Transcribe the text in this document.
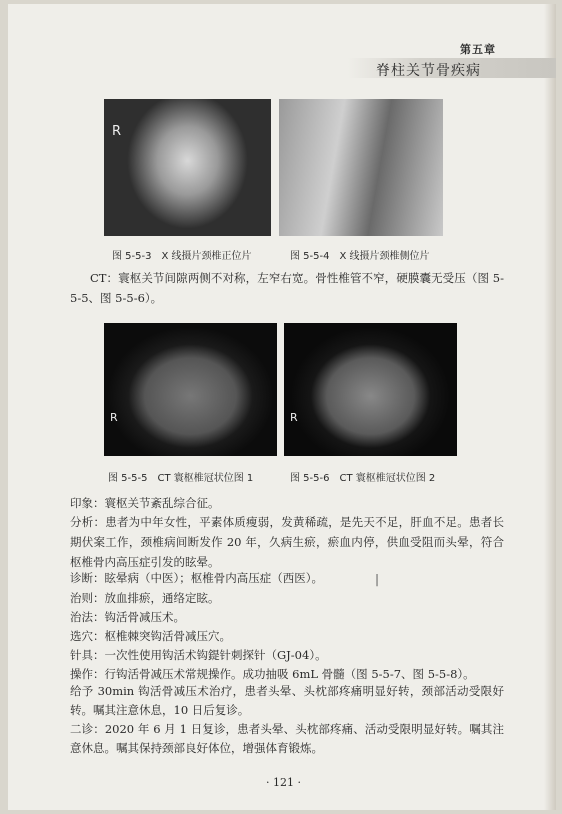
第五章
脊柱关节骨疾病
R
图 5-5-3　X 线摄片颈椎正位片	图 5-5-4　X 线摄片颈椎侧位片
CT：寰枢关节间隙两侧不对称，左窄右宽。骨性椎管不窄，硬膜囊无受压（图 5-5-5、图 5-5-6）。
R	R
图 5-5-5　CT 寰枢椎冠状位图 1	图 5-5-6　CT 寰枢椎冠状位图 2
印象：寰枢关节紊乱综合征。
分析：患者为中年女性，平素体质瘦弱，发黄稀疏，是先天不足，肝血不足。患者长期伏案工作，颈椎病间断发作 20 年，久病生瘀，瘀血内停，供血受阻而头晕，符合枢椎骨内高压症引发的眩晕。
诊断：眩晕病（中医）；枢椎骨内高压症（西医）。	|
治则：放血排瘀，通络定眩。
治法：钩活骨减压术。
选穴：枢椎棘突钩活骨减压穴。
针具：一次性使用钩活术钩鍉针刺探针（GJ-04）。
操作：行钩活骨减压术常规操作。成功抽吸 6mL 骨髓（图 5-5-7、图 5-5-8）。
给予 30min 钩活骨减压术治疗，患者头晕、头枕部疼痛明显好转，颈部活动受限好转。嘱其注意休息，10 日后复诊。
二诊：2020 年 6 月 1 日复诊，患者头晕、头枕部疼痛、活动受限明显好转。嘱其注意休息。嘱其保持颈部良好体位，增强体育锻炼。
· 121 ·
